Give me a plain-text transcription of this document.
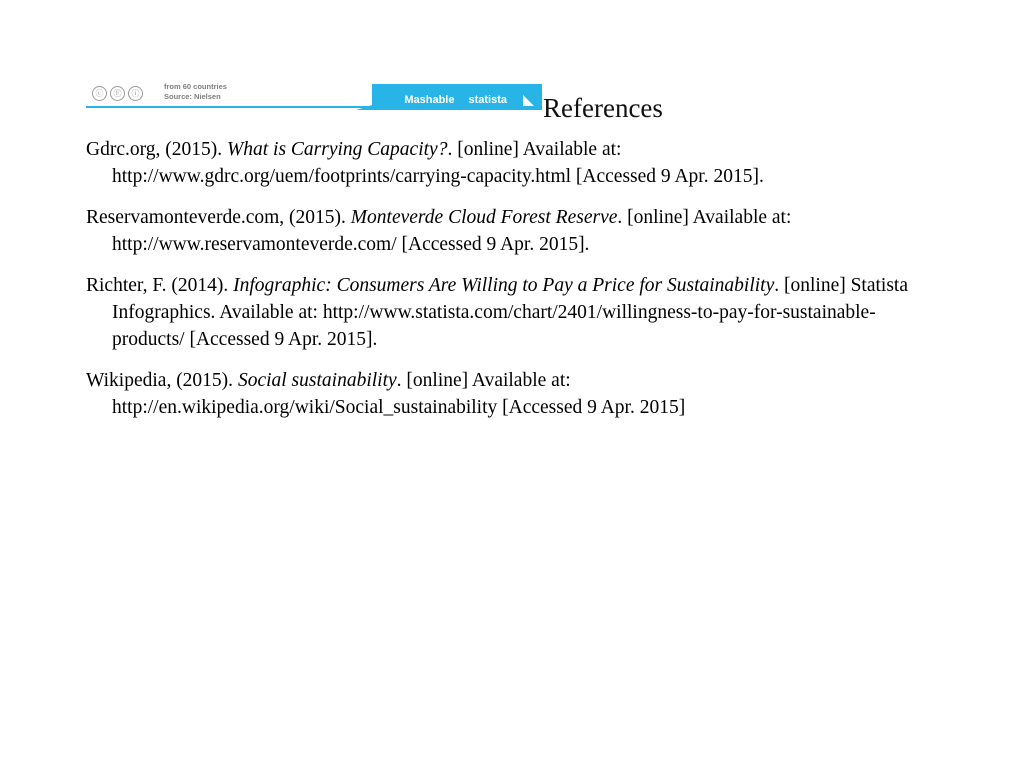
Mashable statista
ⓒ	Ⓕ	ⓘ
from 60 countries
Source: Nielsen	References

Gdrc.org, (2015). What is Carrying Capacity?. [online] Available at: http://www.gdrc.org/uem/footprints/carrying-capacity.html [Accessed 9 Apr. 2015].

Reservamonteverde.com, (2015). Monteverde Cloud Forest Reserve. [online] Available at: http://www.reservamonteverde.com/ [Accessed 9 Apr. 2015].

Richter, F. (2014). Infographic: Consumers Are Willing to Pay a Price for Sustainability. [online] Statista Infographics. Available at: http://www.statista.com/chart/2401/willingness-to-pay-for-sustainable-products/ [Accessed 9 Apr. 2015].

Wikipedia, (2015). Social sustainability. [online] Available at: http://en.wikipedia.org/wiki/Social_sustainability [Accessed 9 Apr. 2015]
